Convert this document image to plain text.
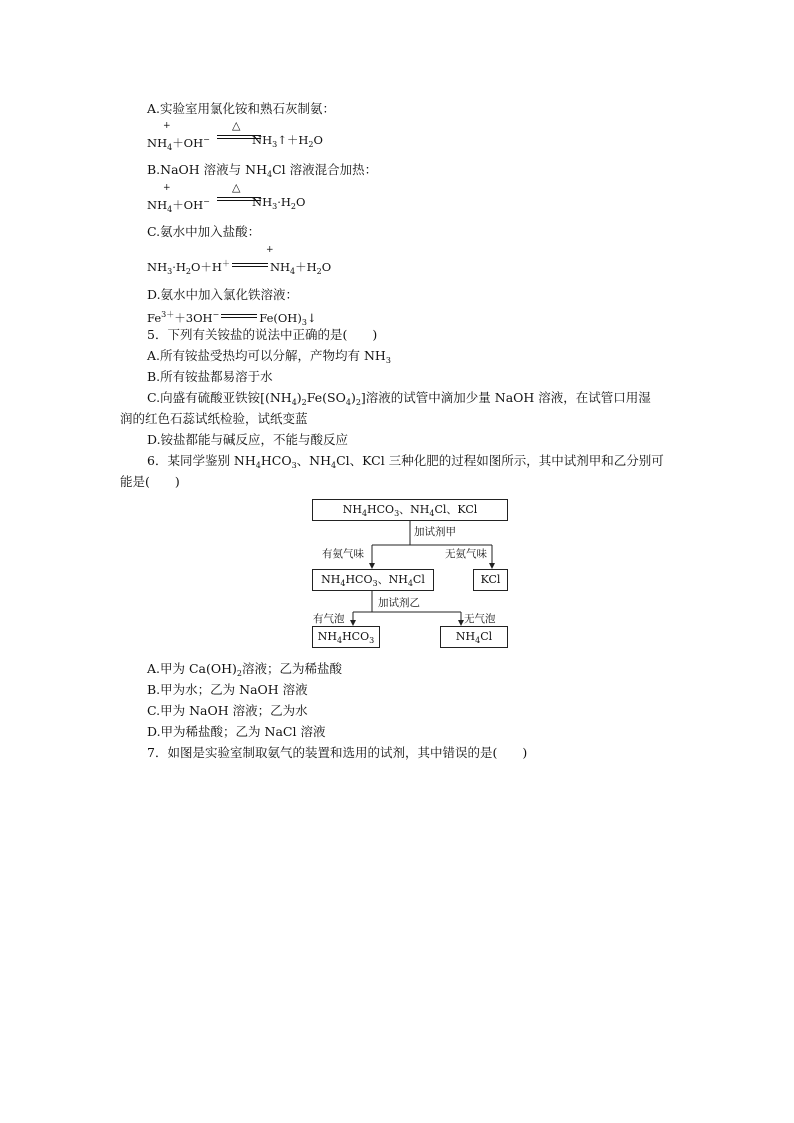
A.实验室用氯化铵和熟石灰制氨：
+
$NH_4+OH^-$
△
$NH_3↑+H_2O$
B.NaOH 溶液与 $NH_4Cl$ 溶液混合加热：
+
$NH_4+OH^-$
△
$NH_3\cdot H_2O$
C.氨水中加入盐酸：
+
$NH_3\cdot H_2O+H^+$	$NH_4+H_2O$
D.氨水中加入氯化铁溶液：
$Fe^{3+}+3OH^-$	$Fe(OH)_3↓$
5．下列有关铵盐的说法中正确的是(　　)
A.所有铵盐受热均可以分解，产物均有 $NH_3$
B.所有铵盐都易溶于水
C.向盛有硫酸亚铁铵$[(NH_4)_2Fe(SO_4)_2]$溶液的试管中滴加少量 NaOH 溶液，在试管口用湿
润的红色石蕊试纸检验，试纸变蓝
D.铵盐都能与碱反应，不能与酸反应
6．某同学鉴别 $NH_4HCO_3$、$NH_4Cl$、KCl 三种化肥的过程如图所示，其中试剂甲和乙分别可
能是(　　)
$NH_4HCO_3$、$NH_4Cl$、KCl
加试剂甲
有氨气味	无氨气味
$NH_4HCO_3$、$NH_4Cl$	KCl
加试剂乙
有气泡	无气泡
$NH_4HCO_3$	$NH_4Cl$
A.甲为 $Ca(OH)_2$溶液；乙为稀盐酸
B.甲为水；乙为 NaOH 溶液
C.甲为 NaOH 溶液；乙为水
D.甲为稀盐酸；乙为 NaCl 溶液
7．如图是实验室制取氨气的装置和选用的试剂，其中错误的是(　　)
